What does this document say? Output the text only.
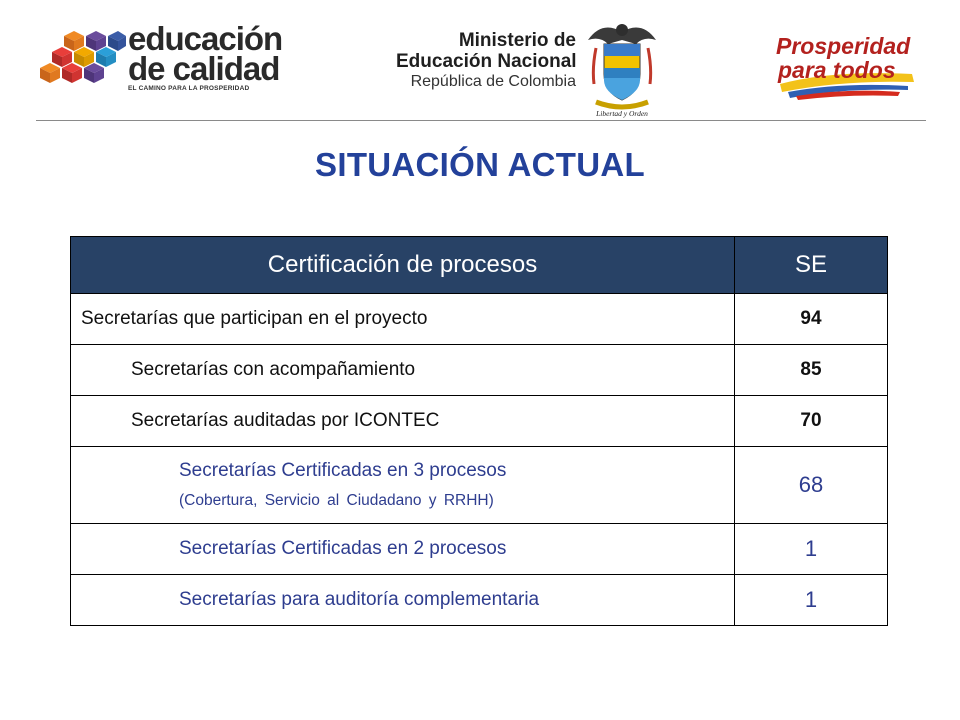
educación
de calidad
EL CAMINO PARA LA PROSPERIDAD
Ministerio de
Educación Nacional
República de Colombia
Libertad y Orden
Prosperidad
para todos
SITUACIÓN ACTUAL
Certificación de procesos	SE
Secretarías que participan en el proyecto	94
Secretarías con acompañamiento	85
Secretarías auditadas por ICONTEC	70
Secretarías Certificadas en 3 procesos
(Cobertura, Servicio al Ciudadano y RRHH)	68
Secretarías Certificadas en 2 procesos	1
Secretarías para auditoría complementaria	1
